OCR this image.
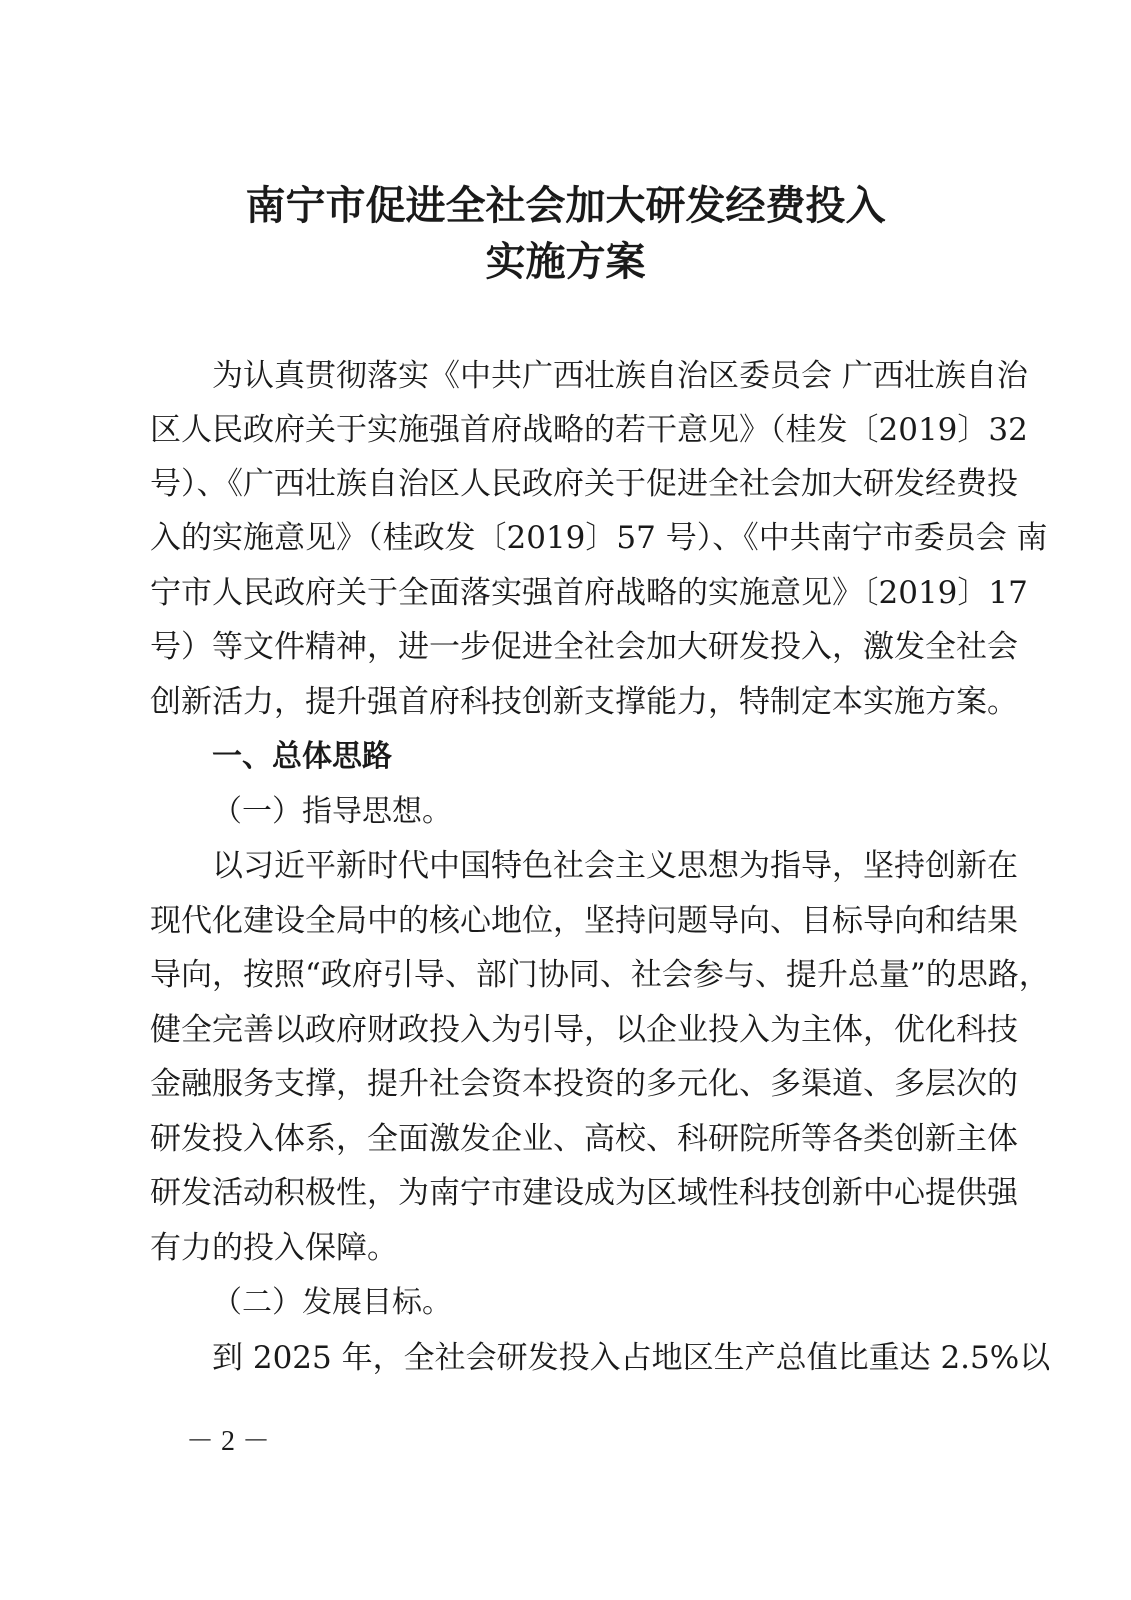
南宁市促进全社会加大研发经费投入
实施方案
为认真贯彻落实《中共广西壮族自治区委员会 广西壮族自治
区人民政府关于实施强首府战略的若干意见》（桂发〔2019〕32
号）、《广西壮族自治区人民政府关于促进全社会加大研发经费投
入的实施意见》（桂政发〔2019〕57 号）、《中共南宁市委员会 南
宁市人民政府关于全面落实强首府战略的实施意见》〔2019〕17
号）等文件精神，进一步促进全社会加大研发投入，激发全社会
创新活力，提升强首府科技创新支撑能力，特制定本实施方案。
一、总体思路
（一）指导思想。
以习近平新时代中国特色社会主义思想为指导，坚持创新在
现代化建设全局中的核心地位，坚持问题导向、目标导向和结果
导向，按照“政府引导、部门协同、社会参与、提升总量”的思路，
健全完善以政府财政投入为引导，以企业投入为主体，优化科技
金融服务支撑，提升社会资本投资的多元化、多渠道、多层次的
研发投入体系，全面激发企业、高校、科研院所等各类创新主体
研发活动积极性，为南宁市建设成为区域性科技创新中心提供强
有力的投入保障。
（二）发展目标。
到 2025 年，全社会研发投入占地区生产总值比重达 2.5%以
－ 2 －
